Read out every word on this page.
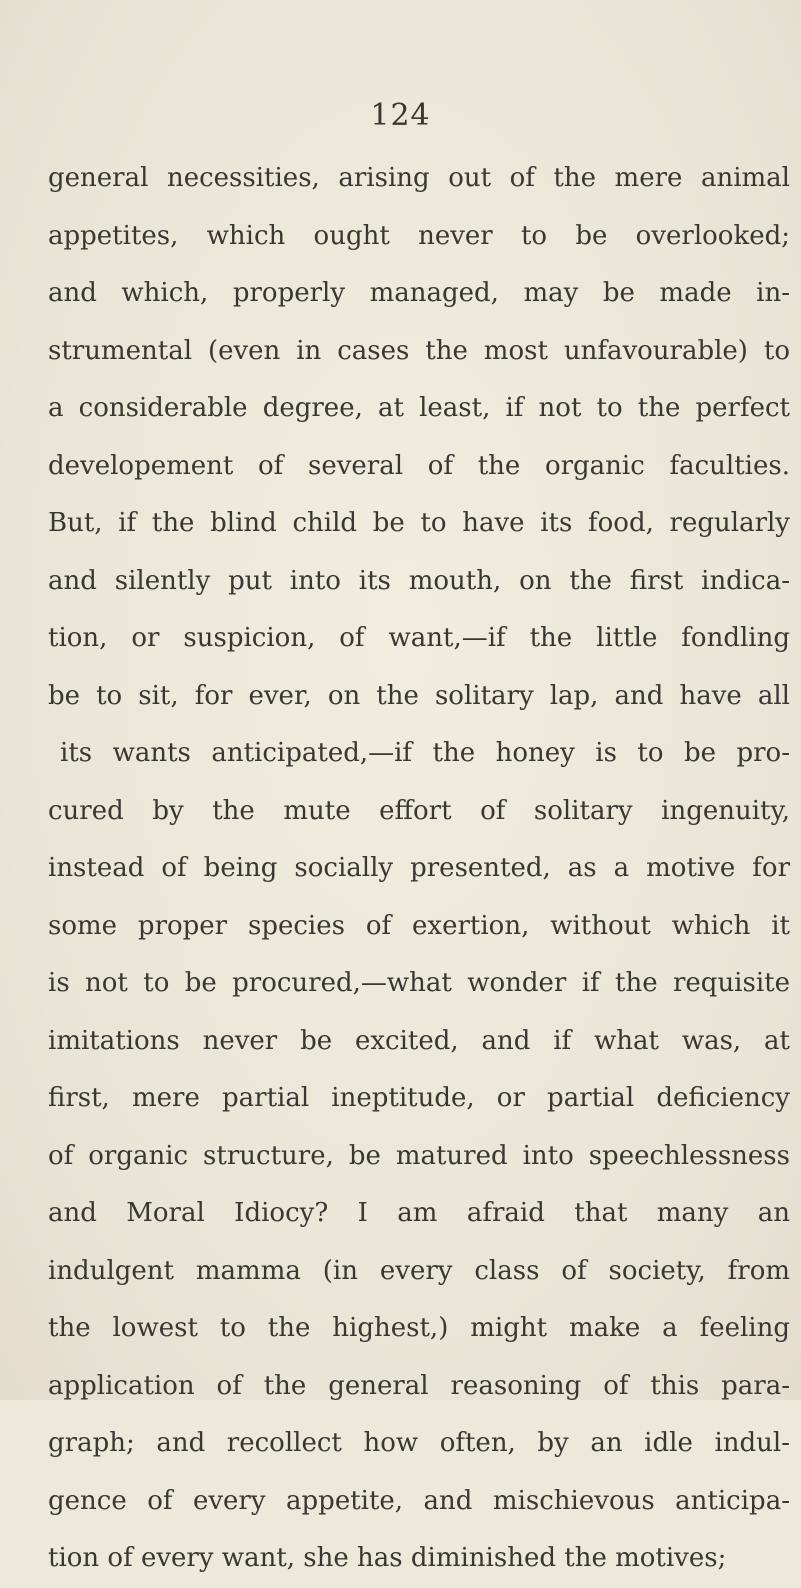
124
general necessities, arising out of the mere animal
appetites, which ought never to be overlooked;
and which, properly managed, may be made in-
strumental (even in cases the most unfavourable) to
a considerable degree, at least, if not to the perfect
developement of several of the organic faculties.
But, if the blind child be to have its food, regularly
and silently put into its mouth, on the first indica-
tion, or suspicion, of want,—if the little fondling
be to sit, for ever, on the solitary lap, and have all
its wants anticipated,—if the honey is to be pro-
cured by the mute effort of solitary ingenuity,
instead of being socially presented, as a motive for
some proper species of exertion, without which it
is not to be procured,—what wonder if the requisite
imitations never be excited, and if what was, at
first, mere partial ineptitude, or partial deficiency
of organic structure, be matured into speechlessness
and Moral Idiocy? I am afraid that many an
indulgent mamma (in every class of society, from
the lowest to the highest,) might make a feeling
application of the general reasoning of this para-
graph; and recollect how often, by an idle indul-
gence of every appetite, and mischievous anticipa-
tion of every want, she has diminished the motives;
